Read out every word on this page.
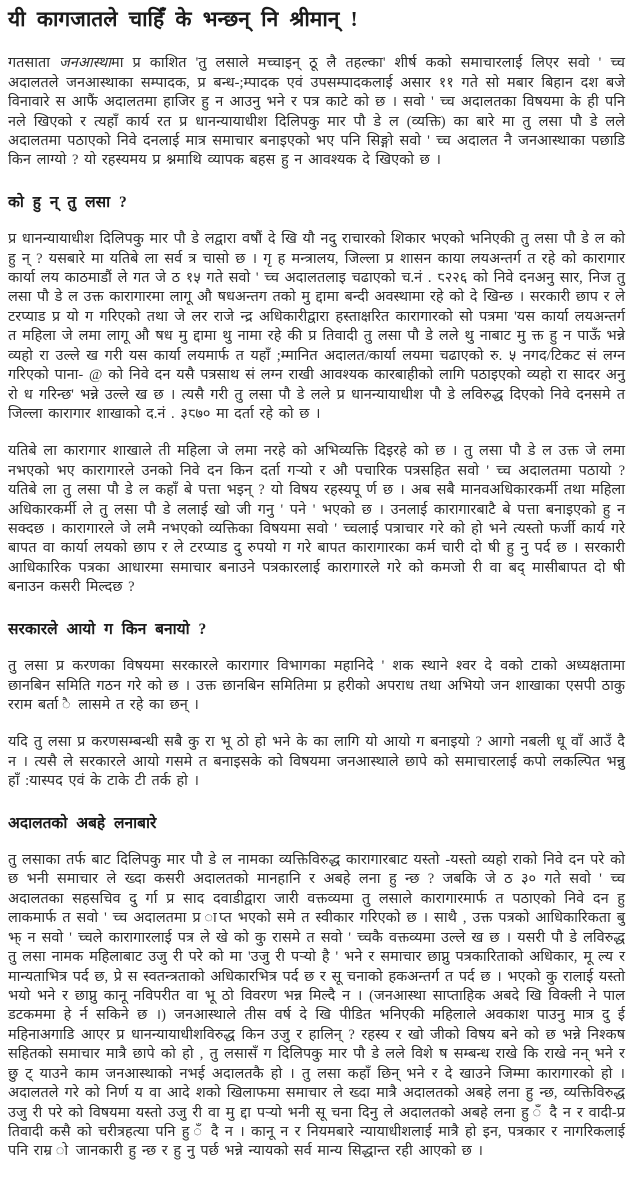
यी कागजातले चाहिँ के भन्छन् नि श्रीमान् !

गतसाता जनआस्थामा प्र काशित 'तु लसाले मच्चाइन् ठू लै तहल्का' शीर्ष कको समाचारलाई लिएर सवो ' च्च अदालतले जनआस्थाका सम्पादक, प्र बन्ध-;म्पादक एवं उपसम्पादकलाई असार ११ गते सो मबार बिहान दश बजे विनावारे स आफैं अदालतमा हाजिर हु न आउनु भने र पत्र काटे को छ । सवो ' च्च अदालतका विषयमा के ही पनि नले खिएको र त्यहाँ कार्य रत प्र धानन्यायाधीश दिलिपकु मार पौ डे ल (व्यक्ति) का बारे मा तु लसा पौ डे लले अदालतमा पठाएको निवे दनलाई मात्र समाचार बनाइएको भए पनि सिङ्गो सवो ' च्च अदालत नै जनआस्थाका पछाडि किन लाग्यो ? यो रहस्यमय प्र श्नमाथि व्यापक बहस हु न आवश्यक दे खिएको छ ।

को हु न् तु लसा ?

प्र धानन्यायाधीश दिलिपकु मार पौ डे लद्वारा वषौं दे खि यौ नदु राचारको शिकार भएको भनिएकी तु लसा पौ डे ल को हु न् ? यसबारे मा यतिबे ला सर्व त्र चासो छ । गृ ह मन्त्रालय, जिल्ला प्र शासन काया लयअन्तर्ग त रहे को कारागार कार्या लय काठमाडौं ले गत जे ठ १५ गते सवो ' च्च अदालतलाइ चढाएको च.नं . ८२२६ को निवे दनअनु सार, निज तु लसा पौ डे ल उक्त कारागारमा लागू औ षधअन्तग तको मु द्दामा बन्दी अवस्थामा रहे को दे खिन्छ । सरकारी छाप र ले टरप्याड प्र यो ग गरिएको तथा जे लर राजे न्द्र अधिकारीद्वारा हस्ताक्षरित कारागारको सो पत्रमा 'यस कार्या लयअन्तर्ग त महिला जे लमा लागू औ षध मु द्दामा थु नामा रहे की प्र तिवादी तु लसा पौ डे लले थु नाबाट मु क्त हु न पाऊँ भन्ने व्यहो रा उल्ले ख गरी यस कार्या लयमार्फ त यहाँ ;म्मानित अदालत/कार्या लयमा चढाएको रु. ५ नगद/टिकट सं लग्न गरिएको पाना- @ को निवे दन यसै पत्रसाथ सं लग्न राखी आवश्यक कारबाहीको लागि पठाइएको व्यहो रा सादर अनु रो ध गरिन्छ' भन्ने उल्ले ख छ । त्यसै गरी तु लसा पौ डे लले प्र धानन्यायाधीश पौ डे लविरुद्ध दिएको निवे दनसमे त जिल्ला कारागार शाखाको द.नं . ३८७० मा दर्ता रहे को छ ।

यतिबे ला कारागार शाखाले ती महिला जे लमा नरहे को अभिव्यक्ति दिइरहे को छ । तु लसा पौ डे ल उक्त जे लमा नभएको भए कारागारले उनको निवे दन किन दर्ता गऱ्यो र औ पचारिक पत्रसहित सवो ' च्च अदालतमा पठायो ? यतिबे ला तु लसा पौ डे ल कहाँ बे पत्ता भइन् ? यो विषय रहस्यपू र्ण छ । अब सबै मानवअधिकारकर्मी तथा महिला अधिकारकर्मी ले तु लसा पौ डे ललाई खो जी गनु ' पने ' भएको छ । उनलाई कारागारबाटै बे पत्ता बनाइएको हु न सक्दछ । कारागारले जे लमै नभएको व्यक्तिका विषयमा सवो ' च्चलाई पत्राचार गरे को हो भने त्यस्तो फर्जी कार्य गरे बापत वा कार्या लयको छाप र ले टरप्याड दु रुपयो ग गरे बापत कारागारका कर्म चारी दो षी हु नु पर्द छ । सरकारी आधिकारिक पत्रका आधारमा समाचार बनाउने पत्रकारलाई कारागारले गरे को कमजो री वा बद् मासीबापत दो षी बनाउन कसरी मिल्दछ ?

सरकारले आयो ग किन बनायो ?

तु लसा प्र करणका विषयमा सरकारले कारागार विभागका महानिदे ' शक स्थाने श्वर दे वको टाको अध्यक्षतामा छानबिन समिति गठन गरे को छ । उक्त छानबिन समितिमा प्र हरीको अपराध तथा अभियो जन शाखाका एसपी ठाकु रराम बर्ता ै लासमे त रहे का छन् ।

यदि तु लसा प्र करणसम्बन्धी सबै कु रा भू ठो हो भने के का लागि यो आयो ग बनाइयो ? आगो नबली धू वाँ आउँ दै न । त्यसै ले सरकारले आयो गसमे त बनाइसके को विषयमा जनआस्थाले छापे को समाचारलाई कपो लकल्पित भन्नु हाँ :यास्पद एवं के टाके टी तर्क हो ।

अदालतको अबहे लनाबारे

तु लसाका तर्फ बाट दिलिपकु मार पौ डे ल नामका व्यक्तिविरुद्ध कारागारबाट यस्तो -यस्तो व्यहो राको निवे दन परे को छ भनी समाचार ले ख्दा कसरी अदालतको मानहानि र अबहे लना हु न्छ ? जबकि जे ठ ३० गते सवो ' च्च अदालतका सहसचिव दु र्गा प्र साद दवाडीद्वारा जारी वक्तव्यमा तु लसाले कारागारमार्फ त पठाएको निवे दन हु लाकमार्फ त सवो ' च्च अदालतमा प्र ाप्त भएको समे त स्वीकार गरिएको छ । साथै , उक्त पत्रको आधिकारिकता बु झ् न सवो ' च्चले कारागारलाई पत्र ले खे को कु रासमे त सवो ' च्चकै वक्तव्यमा उल्ले ख छ । यसरी पौ डे लविरुद्ध तु लसा नामक महिलाबाट उजु री परे को मा 'उजु री पऱ्यो है ' भने र समाचार छाप्नु पत्रकारिताको अधिकार, मू ल्य र मान्यताभित्र पर्द छ, प्रे स स्वतन्त्रताको अधिकारभित्र पर्द छ र सू चनाको हकअन्तर्ग त पर्द छ । भएको कु रालाई यस्तो भयो भने र छाप्नु कानू नविपरीत वा भू ठो विवरण भन्न मिल्दै न । (जनआस्था साप्ताहिक अबदे खि विक्ली ने पाल डटकममा हे र्न सकिने छ ।) जनआस्थाले तीस वर्ष दे खि पीडित भनिएकी महिलाले अवकाश पाउनु मात्र दु ई महिनाअगाडि आएर प्र धानन्यायाधीशविरुद्ध किन उजु र हालिन् ? रहस्य र खो जीको विषय बने को छ भन्ने निश्कष सहितको समाचार मात्रै छापे को हो , तु लसासँ ग दिलिपकु मार पौ डे लले विशे ष सम्बन्ध राखे कि राखे नन् भने र छु ट् याउने काम जनआस्थाको नभई अदालतकै हो । तु लसा कहाँ छिन् भने र दे खाउने जिम्मा कारागारको हो । अदालतले गरे को निर्ण य वा आदे शको खिलाफमा समाचार ले ख्दा मात्रै अदालतको अबहे लना हु न्छ, व्यक्तिविरुद्ध उजु री परे को विषयमा यस्तो उजु री वा मु द्दा पऱ्यो भनी सू चना दिनु ले अदालतको अबहे लना हु ँ दै न र वादी-प्र तिवादी कसै को चरीत्रहत्या पनि हु ँ दै न । कानू न र नियमबारे न्यायाधीशलाई मात्रै हो इन, पत्रकार र नागरिकलाई पनि राम्र ो जानकारी हु न्छ र हु नु पर्छ भन्ने न्यायको सर्व मान्य सिद्धान्त रही आएको छ ।
